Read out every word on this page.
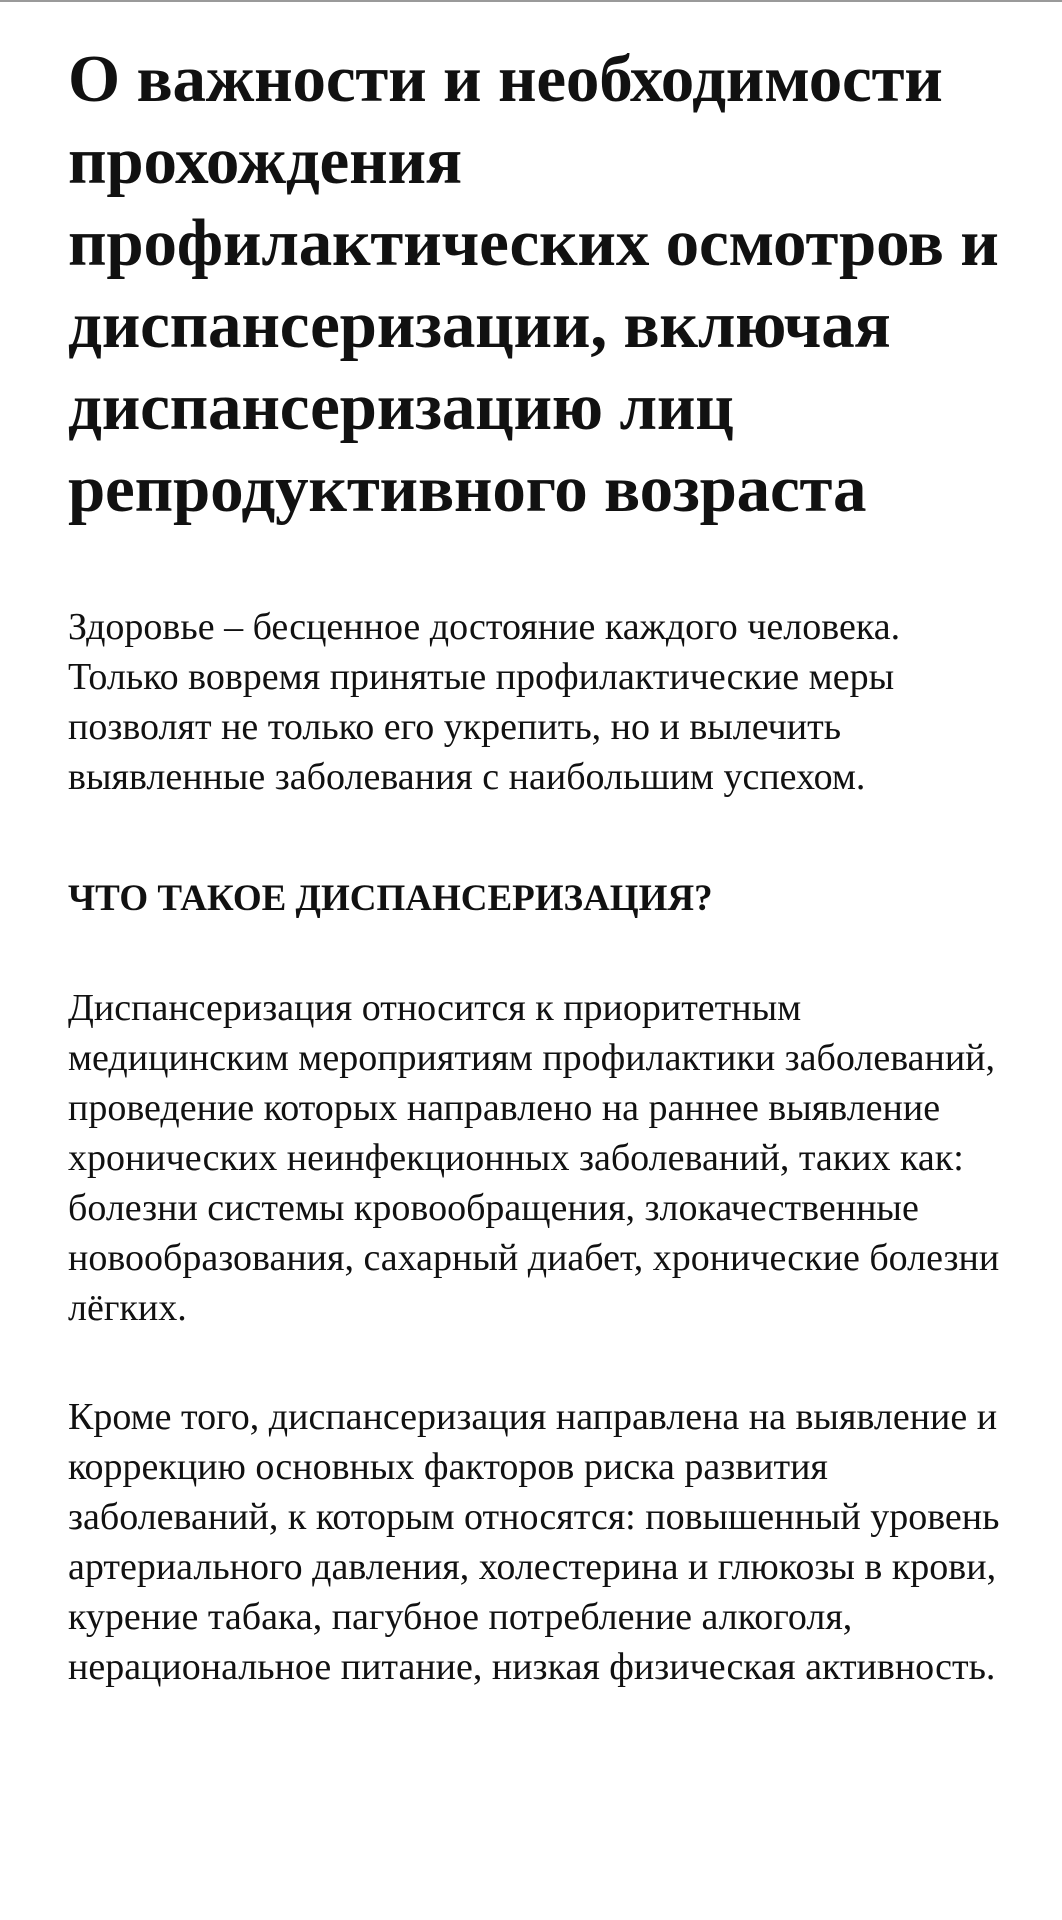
О важности и необходимости прохождения профилактических осмотров и диспансеризации, включая диспансеризацию лиц репродуктивного возраста

Здоровье – бесценное достояние каждого человека. Только вовремя принятые профилактические меры позволят не только его укрепить, но и вылечить выявленные заболевания с наибольшим успехом.

ЧТО ТАКОЕ ДИСПАНСЕРИЗАЦИЯ?

Диспансеризация относится к приоритетным медицинским мероприятиям профилактики заболеваний, проведение которых направлено на раннее выявление хронических неинфекционных заболеваний, таких как: болезни системы кровообращения, злокачественные новообразования, сахарный диабет, хронические болезни лёгких.

Кроме того, диспансеризация направлена на выявление и коррекцию основных факторов риска развития заболеваний, к которым относятся: повышенный уровень артериального давления, холестерина и глюкозы в крови, курение табака, пагубное потребление алкоголя, нерациональное питание, низкая физическая активность.
